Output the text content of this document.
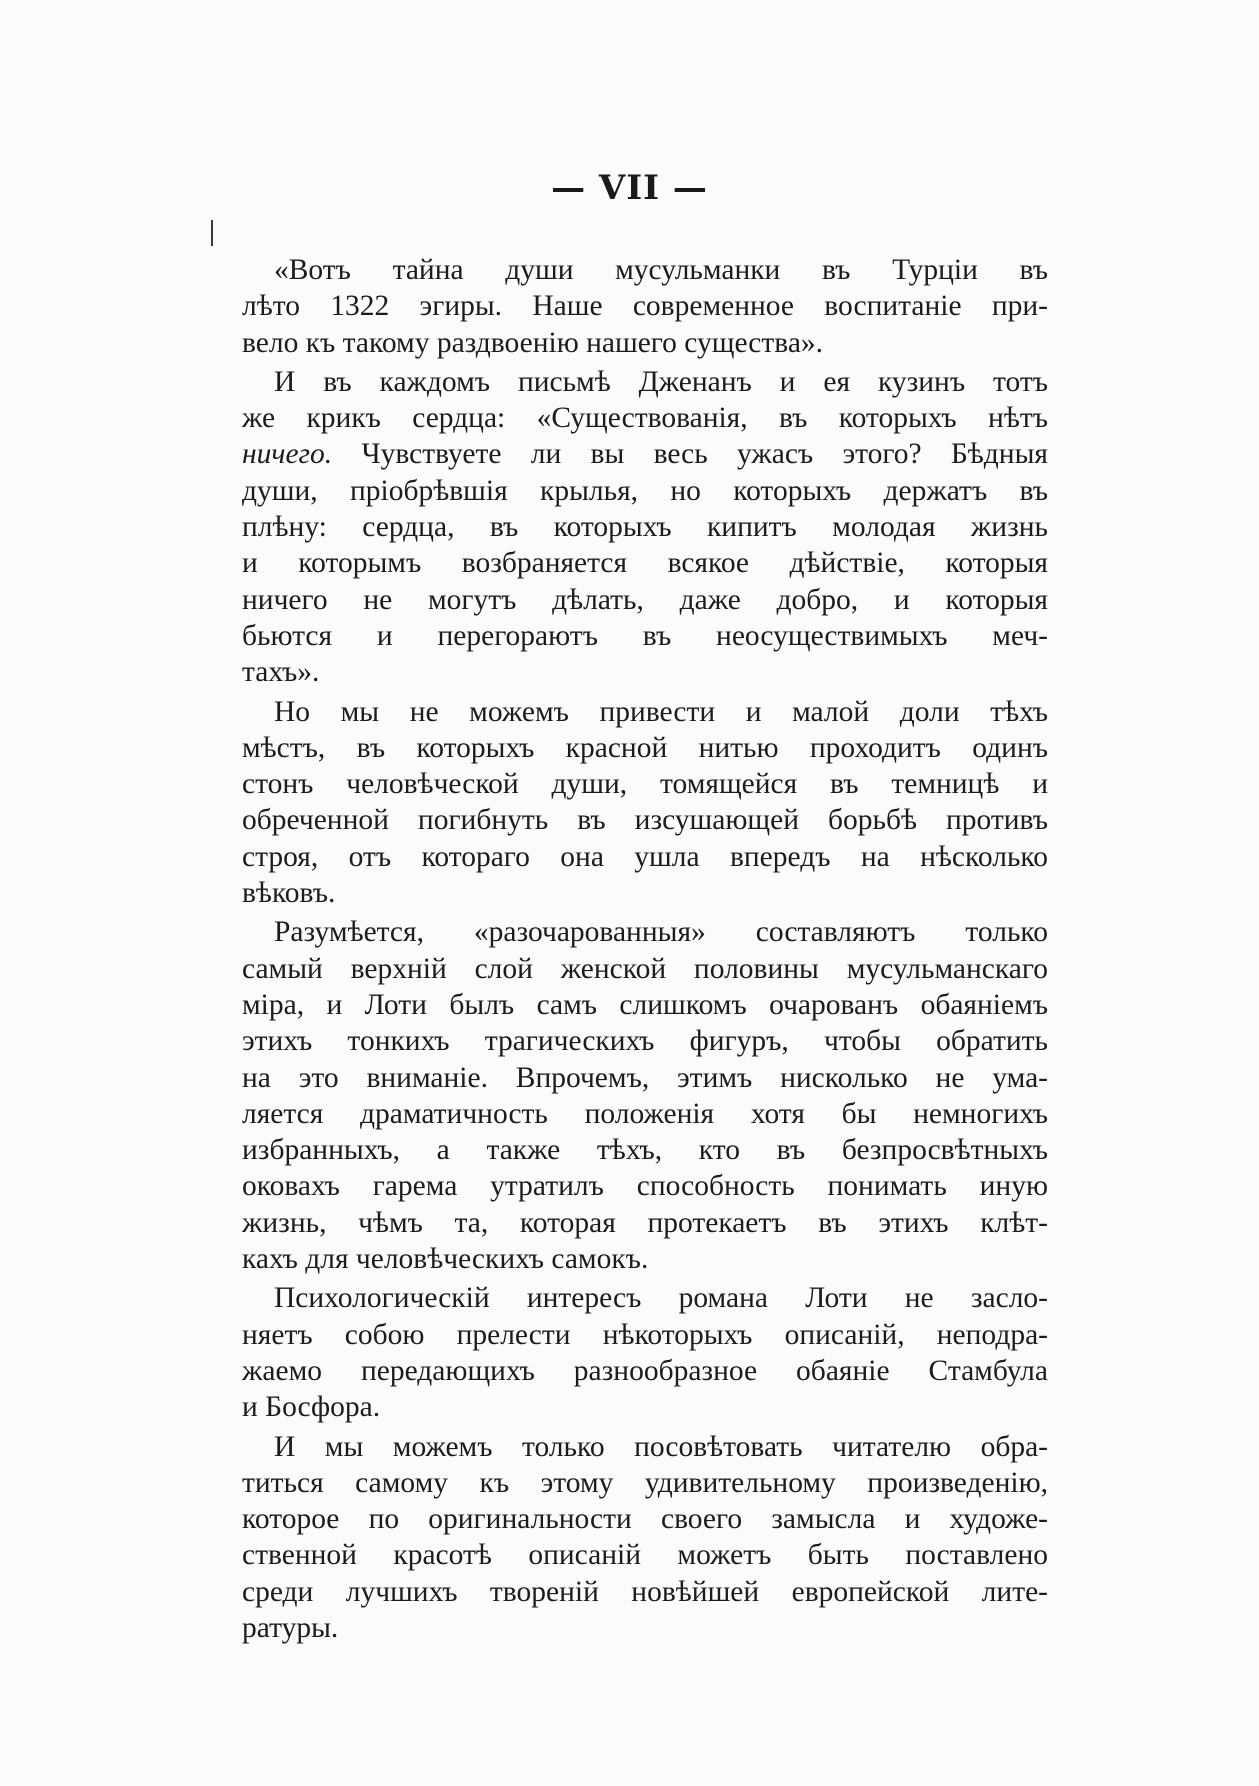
— VII —

«Вотъ тайна души мусульманки въ Турціи въ
лѣто 1322 эгиры. Наше современное воспитаніе при-
вело къ такому раздвоенію нашего существа».

И въ каждомъ письмѣ Дженанъ и ея кузинъ тотъ
же крикъ сердца: «Существованія, въ которыхъ нѣтъ
ничего. Чувствуете ли вы весь ужасъ этого? Бѣдныя
души, пріобрѣвшія крылья, но которыхъ держатъ въ
плѣну: сердца, въ которыхъ кипитъ молодая жизнь
и которымъ возбраняется всякое дѣйствіе, которыя
ничего не могутъ дѣлать, даже добро, и которыя
бьются и перегораютъ въ неосуществимыхъ меч-
тахъ».

Но мы не можемъ привести и малой доли тѣхъ
мѣстъ, въ которыхъ красной нитью проходитъ одинъ
стонъ человѣческой души, томящейся въ темницѣ и
обреченной погибнуть въ изсушающей борьбѣ противъ
строя, отъ котораго она ушла впередъ на нѣсколько
вѣковъ.

Разумѣется, «разочарованныя» составляютъ только
самый верхній слой женской половины мусульманскаго
міра, и Лоти былъ самъ слишкомъ очарованъ обаяніемъ
этихъ тонкихъ трагическихъ фигуръ, чтобы обратить
на это вниманіе. Впрочемъ, этимъ нисколько не ума-
ляется драматичность положенія хотя бы немногихъ
избранныхъ, а также тѣхъ, кто въ безпросвѣтныхъ
оковахъ гарема утратилъ способность понимать иную
жизнь, чѣмъ та, которая протекаетъ въ этихъ клѣт-
кахъ для человѣческихъ самокъ.

Психологическій интересъ романа Лоти не засло-
няетъ собою прелести нѣкоторыхъ описаній, неподра-
жаемо передающихъ разнообразное обаяніе Стамбула
и Босфора.

И мы можемъ только посовѣтовать читателю обра-
титься самому къ этому удивительному произведенію,
которое по оригинальности своего замысла и художе-
ственной красотѣ описаній можетъ быть поставлено
среди лучшихъ твореній новѣйшей европейской лите-
ратуры.
